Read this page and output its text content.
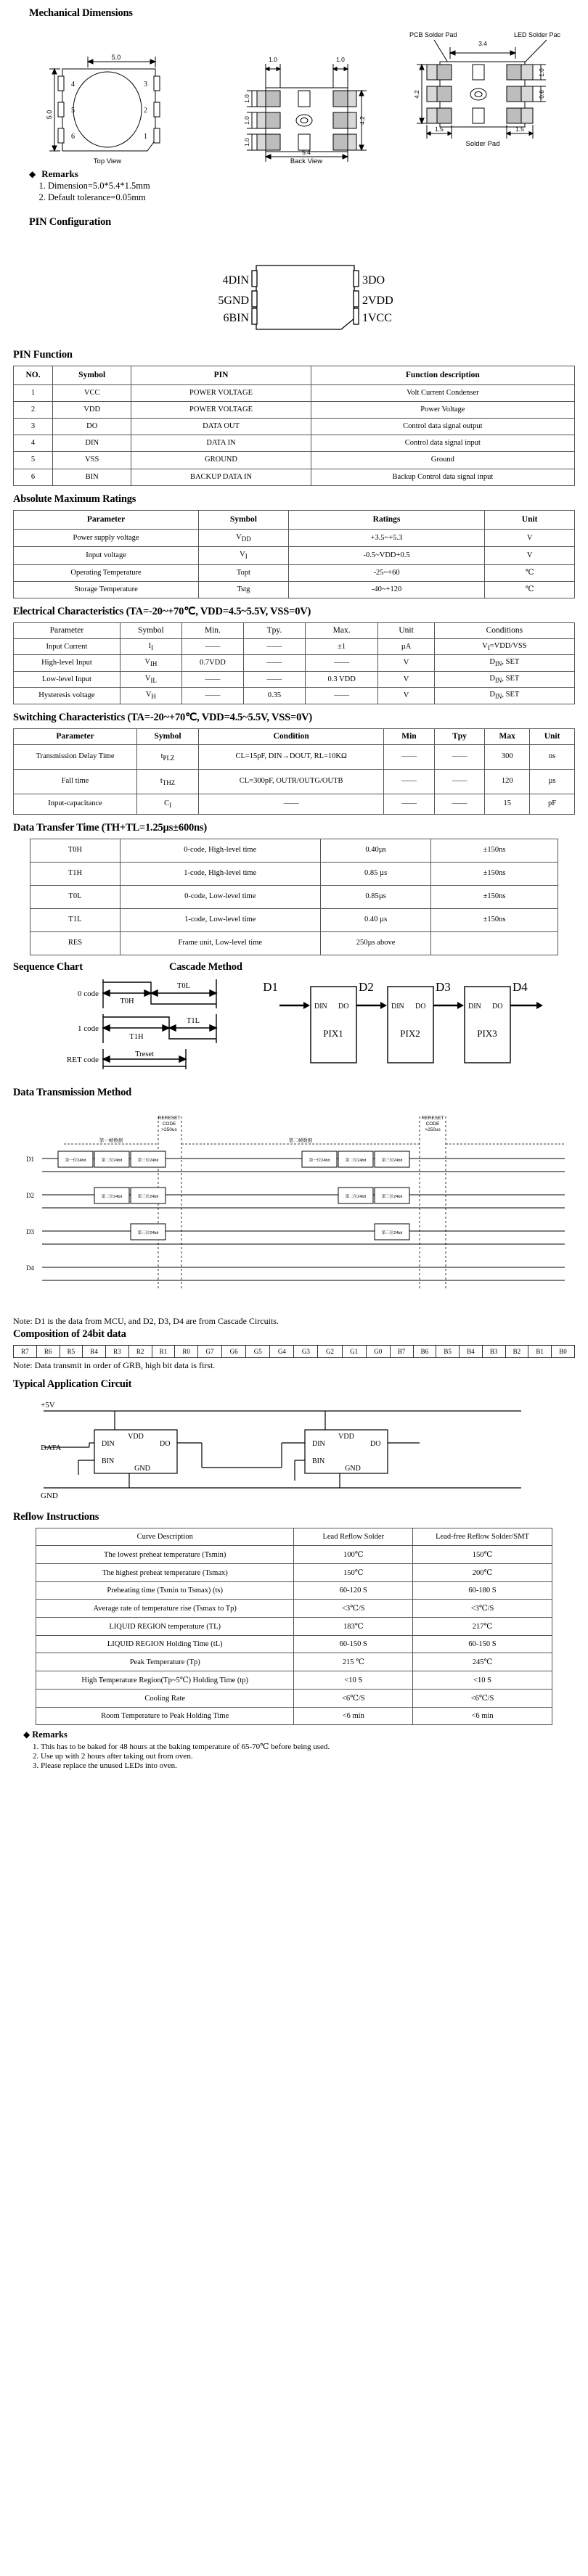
Mechanical Dimensions
5.0
5.0
4
5
6
3
2
1
Top View
1.0	1.0
1.0
1.0
1.0
4.2
5.4
Back View
PCB Solder Pad	LED Solder Pac
3.4
4.2
1.0
0.6
1.5	1.5
Solder Pad
◆ Remarks
1. Dimension=5.0*5.4*1.5mm
2. Default tolerance=0.05mm
PIN Configuration
4DIN
5GND
6BIN
3DO
2VDD
1VCC
PIN Function
NO.	Symbol	PIN	Function description
1	VCC	POWER VOLTAGE	Volt Current Condenser
2	VDD	POWER VOLTAGE	Power Voltage
3	DO	DATA OUT	Control data signal output
4	DIN	DATA IN	Control data signal input
5	VSS	GROUND	Ground
6	BIN	BACKUP DATA IN	Backup Control data signal input
Absolute Maximum Ratings
Parameter	Symbol	Ratings	Unit
Power supply voltage	VDD	+3.5~+5.3	V
Input voltage	VI	-0.5~VDD+0.5	V
Operating Temperature	Topt	-25~+60	℃
Storage Temperature	Tstg	-40~+120	℃
Electrical Characteristics (TA=-20~+70℃, VDD=4.5~5.5V, VSS=0V)
Parameter	Symbol	Min.	Tpy.	Max.	Unit	Conditions
Input Current	II	——	——	±1	µA	VI=VDD/VSS
High-level Input	VIH	0.7VDD	——	——	V	DIN, SET
Low-level Input	VIL	——	——	0.3 VDD	V	DIN, SET
Hysteresis voltage	VH	——	0.35	——	V	DIN, SET
Switching Characteristics (TA=-20~+70℃, VDD=4.5~5.5V, VSS=0V)
Parameter	Symbol	Condition	Min	Tpy	Max	Unit
Transmission Delay Time	tPLZ	CL=15pF, DIN→DOUT, RL=10KΩ	——	——	300	ns
Fall time	tTHZ	CL=300pF, OUTR/OUTG/OUTB	——	——	120	µs
Input-capacitance	CI	——	——	——	15	pF
Data Transfer Time (TH+TL=1.25µs±600ns)
T0H	0-code, High-level time	0.40µs	±150ns
T1H	1-code, High-level time	0.85 µs	±150ns
T0L	0-code, Low-level time	0.85µs	±150ns
T1L	1-code, Low-level time	0.40 µs	±150ns
RES	Frame unit, Low-level time	250µs above	
Sequence Chart	Cascade Method
0 code
T0H
T0L
1 code
T1H
T1L
RET code
Treset
D1	D2	D3	D4
DIN DO	DIN DO	DIN DO
PIX1	PIX2	PIX3
Data Transmission Method
RERESET
CODE
>250us
RERESET
CODE
>250us
第一帧数据	第二帧数据
D1	第一位24bit	第二位24bit	第三位24bit	第一位24bit	第二位24bit	第三位24bit
D2	第二位24bit	第三位24bit	第二位24bit	第三位24bit
D3	第三位24bit	第三位24bit
D4
Note: D1 is the data from MCU, and D2, D3, D4 are from Cascade Circuits.
Composition of 24bit data
R7	R6	R5	R4	R3	R2	R1	R0	G7	G6	G5	G4	G3	G2	G1	G0	B7	B6	B5	B4	B3	B2	B1	B0
Note: Data transmit in order of GRB, high bit data is first.
Typical Application Circuit
+5V
DATA
GND
VDD
DIN	DO
BIN
GND
VDD
DIN	DO
BIN
GND
Reflow Instructions
Curve Description	Lead Reflow Solder	Lead-free Reflow Solder/SMT
The lowest preheat temperature (Tsmin)	100℃	150℃
The highest preheat temperature (Tsmax)	150℃	200℃
Preheating time (Tsmin to Tsmax) (ts)	60-120 S	60-180 S
Average rate of temperature rise (Tsmax to Tp)	<3℃/S	<3℃/S
LIQUID REGION temperature (TL)	183℃	217℃
LIQUID REGION Holding Time (tL)	60-150 S	60-150 S
Peak Temperature (Tp)	215 ℃	245℃
High Temperature Region(Tp~5℃) Holding Time (tp)	<10 S	<10 S
Cooling Rate	<6℃/S	<6℃/S
Room Temperature to Peak Holding Time	<6 min	<6 min
◆ Remarks
1. This has to be baked for 48 hours at the baking temperature of 65-70℃ before being used.
2. Use up with 2 hours after taking out from oven.
3. Please replace the unused LEDs into oven.
